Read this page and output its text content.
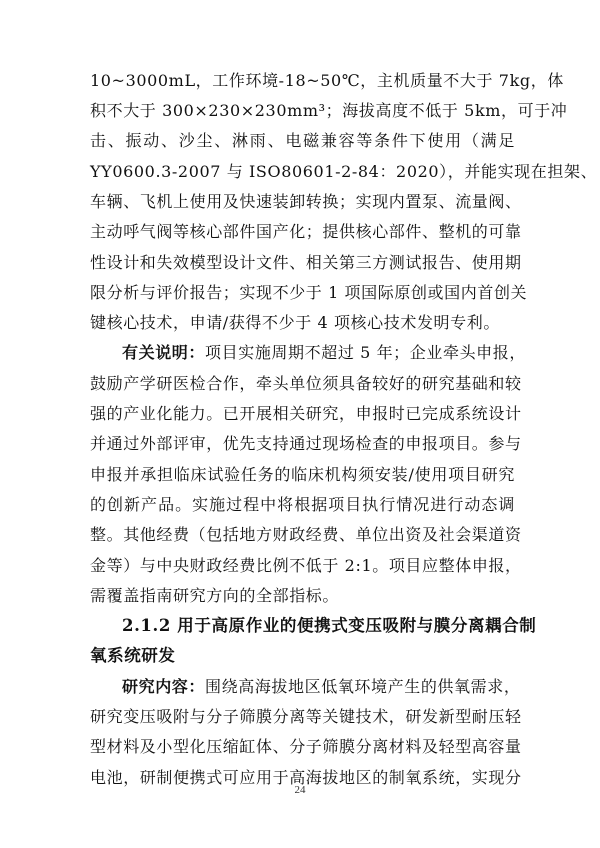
10~3000mL，工作环境-18~50℃，主机质量不大于 7kg，体
积不大于 300×230×230mm³；海拔高度不低于 5km，可于冲
击、振动、沙尘、淋雨、电磁兼容等条件下使用（满足
YY0600.3-2007 与 ISO80601-2-84：2020），并能实现在担架、
车辆、飞机上使用及快速装卸转换；实现内置泵、流量阀、
主动呼气阀等核心部件国产化；提供核心部件、整机的可靠
性设计和失效模型设计文件、相关第三方测试报告、使用期
限分析与评价报告；实现不少于 1 项国际原创或国内首创关
键核心技术，申请/获得不少于 4 项核心技术发明专利。
有关说明：项目实施周期不超过 5 年；企业牵头申报，
鼓励产学研医检合作，牵头单位须具备较好的研究基础和较
强的产业化能力。已开展相关研究，申报时已完成系统设计
并通过外部评审，优先支持通过现场检查的申报项目。参与
申报并承担临床试验任务的临床机构须安装/使用项目研究
的创新产品。实施过程中将根据项目执行情况进行动态调
整。其他经费（包括地方财政经费、单位出资及社会渠道资
金等）与中央财政经费比例不低于 2:1。项目应整体申报，
需覆盖指南研究方向的全部指标。
2.1.2 用于高原作业的便携式变压吸附与膜分离耦合制
氧系统研发
研究内容：围绕高海拔地区低氧环境产生的供氧需求，
研究变压吸附与分子筛膜分离等关键技术，研发新型耐压轻
型材料及小型化压缩缸体、分子筛膜分离材料及轻型高容量
电池，研制便携式可应用于高海拔地区的制氧系统，实现分
24
